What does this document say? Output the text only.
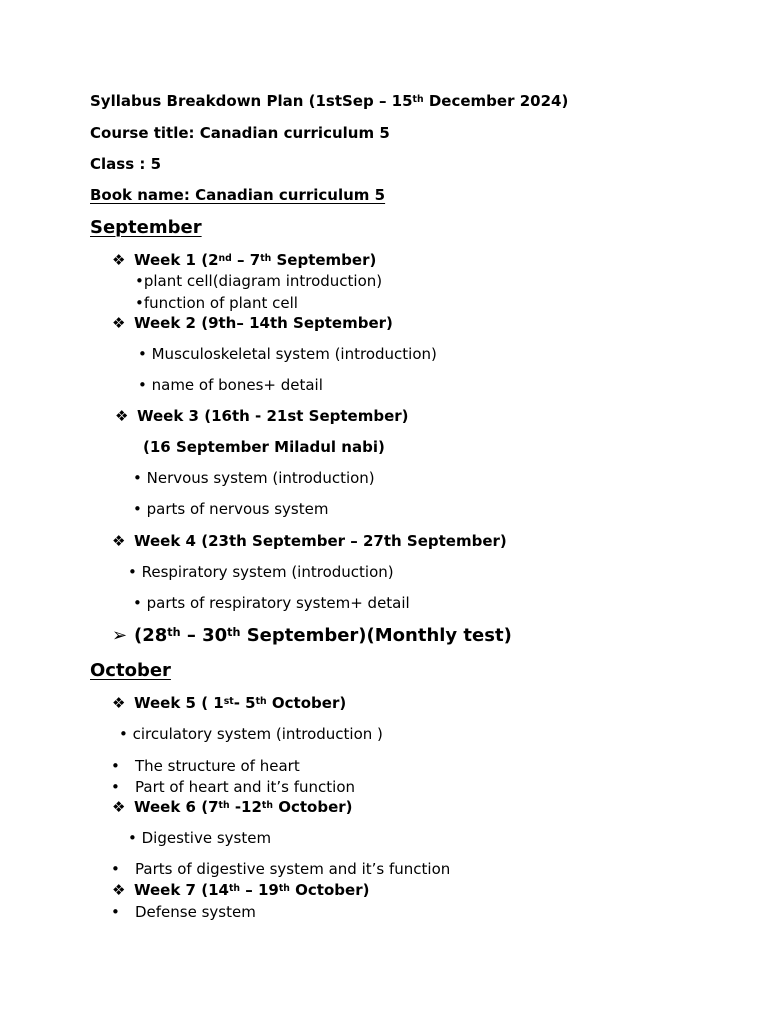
Syllabus Breakdown Plan (1stSep – 15th December 2024)
Course title: Canadian curriculum 5
Class : 5
Book name: Canadian curriculum 5
September
❖ Week 1 (2nd – 7th September)
•plant cell(diagram introduction)
•function of plant cell
❖ Week 2 (9th– 14th September)
• Musculoskeletal system (introduction)
• name of bones+ detail
❖ Week 3 (16th - 21st September)
(16 September Miladul nabi)
• Nervous system (introduction)
• parts of nervous system
❖ Week 4 (23th September – 27th September)
• Respiratory system (introduction)
• parts of respiratory system+ detail
➢ (28th – 30th September)(Monthly test)
October
❖ Week 5 ( 1st- 5th October)
• circulatory system (introduction )
• The structure of heart
• Part of heart and it’s function
❖ Week 6 (7th -12th October)
• Digestive system
• Parts of digestive system and it’s function
❖ Week 7 (14th – 19th October)
• Defense system
